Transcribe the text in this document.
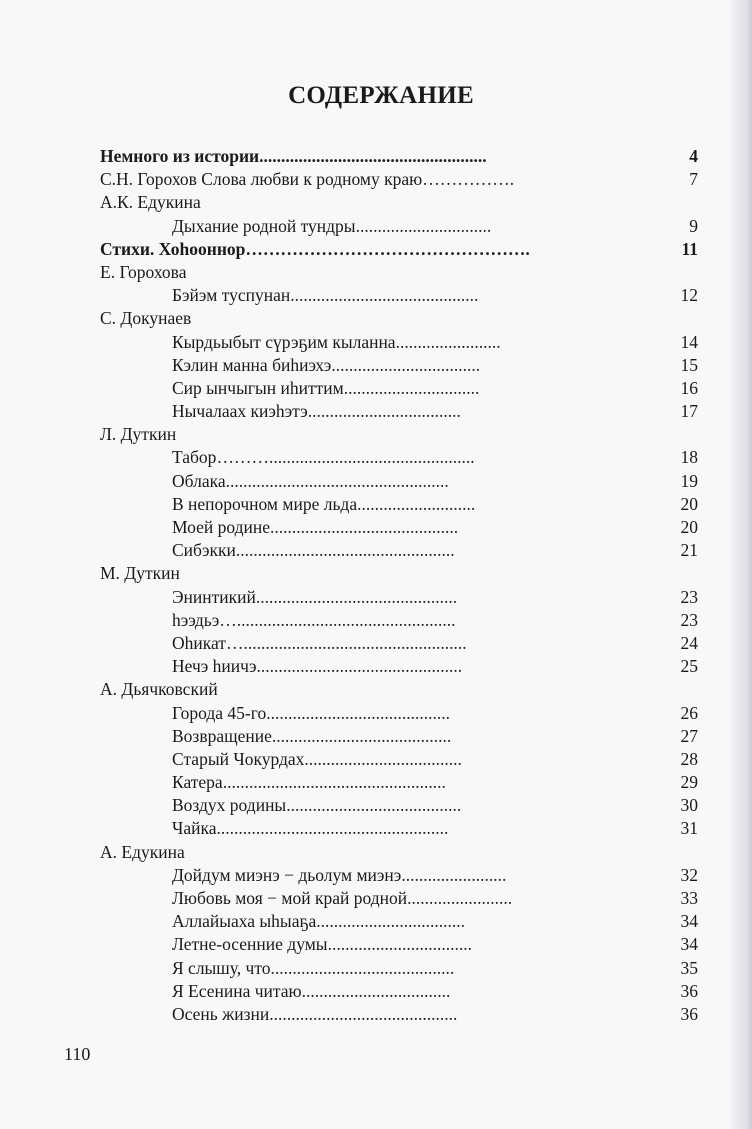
СОДЕРЖАНИЕ
Немного из истории....................................................	4
С.Н. Горохов Слова любви к родному краю…………….	7
А.К. Едукина
Дыхание родной тундры...............................	9
Стихи. Хоhооннор………………………………………….	11
Е. Горохова
Бэйэм туспунан...........................................	12
С. Докунаев
Кырдьыбыт сүрэҕим кыланна........................	14
Кэлин манна биhиэхэ..................................	15
Сир ынчыгын иhиттим...............................	16
Нычалаах киэhэтэ...................................	17
Л. Дуткин
Табор………...............................................	18
Облака...................................................	19
В непорочном мире льда...........................	20
Моей родине...........................................	20
Сибэкки..................................................	21
М. Дуткин
Энинтикий..............................................	23
hээдьэ…..................................................	23
Оhикат…...................................................	24
Нечэ hиичэ...............................................	25
А. Дьячковский
Города 45-го..........................................	26
Возвращение.........................................	27
Старый Чокурдах....................................	28
Катера...................................................	29
Воздух родины........................................	30
Чайка.....................................................	31
А. Едукина
Дойдум миэнэ − дьолум миэнэ........................	32
Любовь моя − мой край родной........................	33
Аллайыаха ыhыаҕа..................................	34
Летне-осенние думы.................................	34
Я слышу, что..........................................	35
Я Есенина читаю..................................	36
Осень жизни...........................................	36
110
